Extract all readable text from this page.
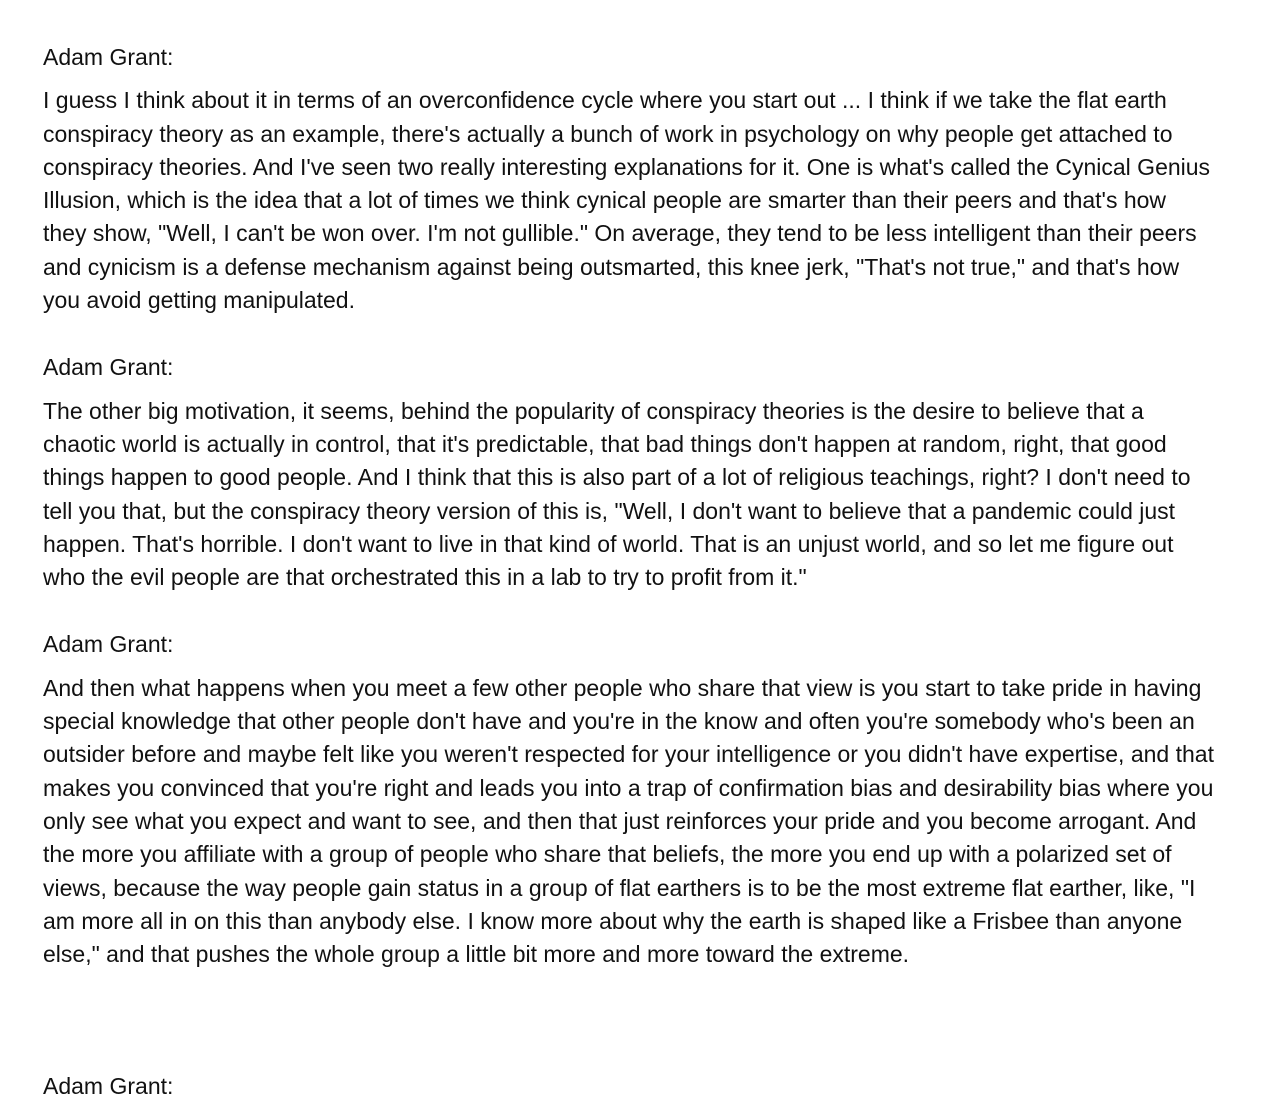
Adam Grant:

I guess I think about it in terms of an overconfidence cycle where you start out ... I think if we take the flat earth conspiracy theory as an example, there's actually a bunch of work in psychology on why people get attached to conspiracy theories. And I've seen two really interesting explanations for it. One is what's called the Cynical Genius Illusion, which is the idea that a lot of times we think cynical people are smarter than their peers and that's how they show, "Well, I can't be won over. I'm not gullible." On average, they tend to be less intelligent than their peers and cynicism is a defense mechanism against being outsmarted, this knee jerk, "That's not true," and that's how you avoid getting manipulated.

Adam Grant:

The other big motivation, it seems, behind the popularity of conspiracy theories is the desire to believe that a chaotic world is actually in control, that it's predictable, that bad things don't happen at random, right, that good things happen to good people. And I think that this is also part of a lot of religious teachings, right? I don't need to tell you that, but the conspiracy theory version of this is, "Well, I don't want to believe that a pandemic could just happen. That's horrible. I don't want to live in that kind of world. That is an unjust world, and so let me figure out who the evil people are that orchestrated this in a lab to try to profit from it."

Adam Grant:

And then what happens when you meet a few other people who share that view is you start to take pride in having special knowledge that other people don't have and you're in the know and often you're somebody who's been an outsider before and maybe felt like you weren't respected for your intelligence or you didn't have expertise, and that makes you convinced that you're right and leads you into a trap of confirmation bias and desirability bias where you only see what you expect and want to see, and then that just reinforces your pride and you become arrogant. And the more you affiliate with a group of people who share that beliefs, the more you end up with a polarized set of views, because the way people gain status in a group of flat earthers is to be the most extreme flat earther, like, "I am more all in on this than anybody else. I know more about why the earth is shaped like a Frisbee than anyone else," and that pushes the whole group a little bit more and more toward the extreme.

Adam Grant:
